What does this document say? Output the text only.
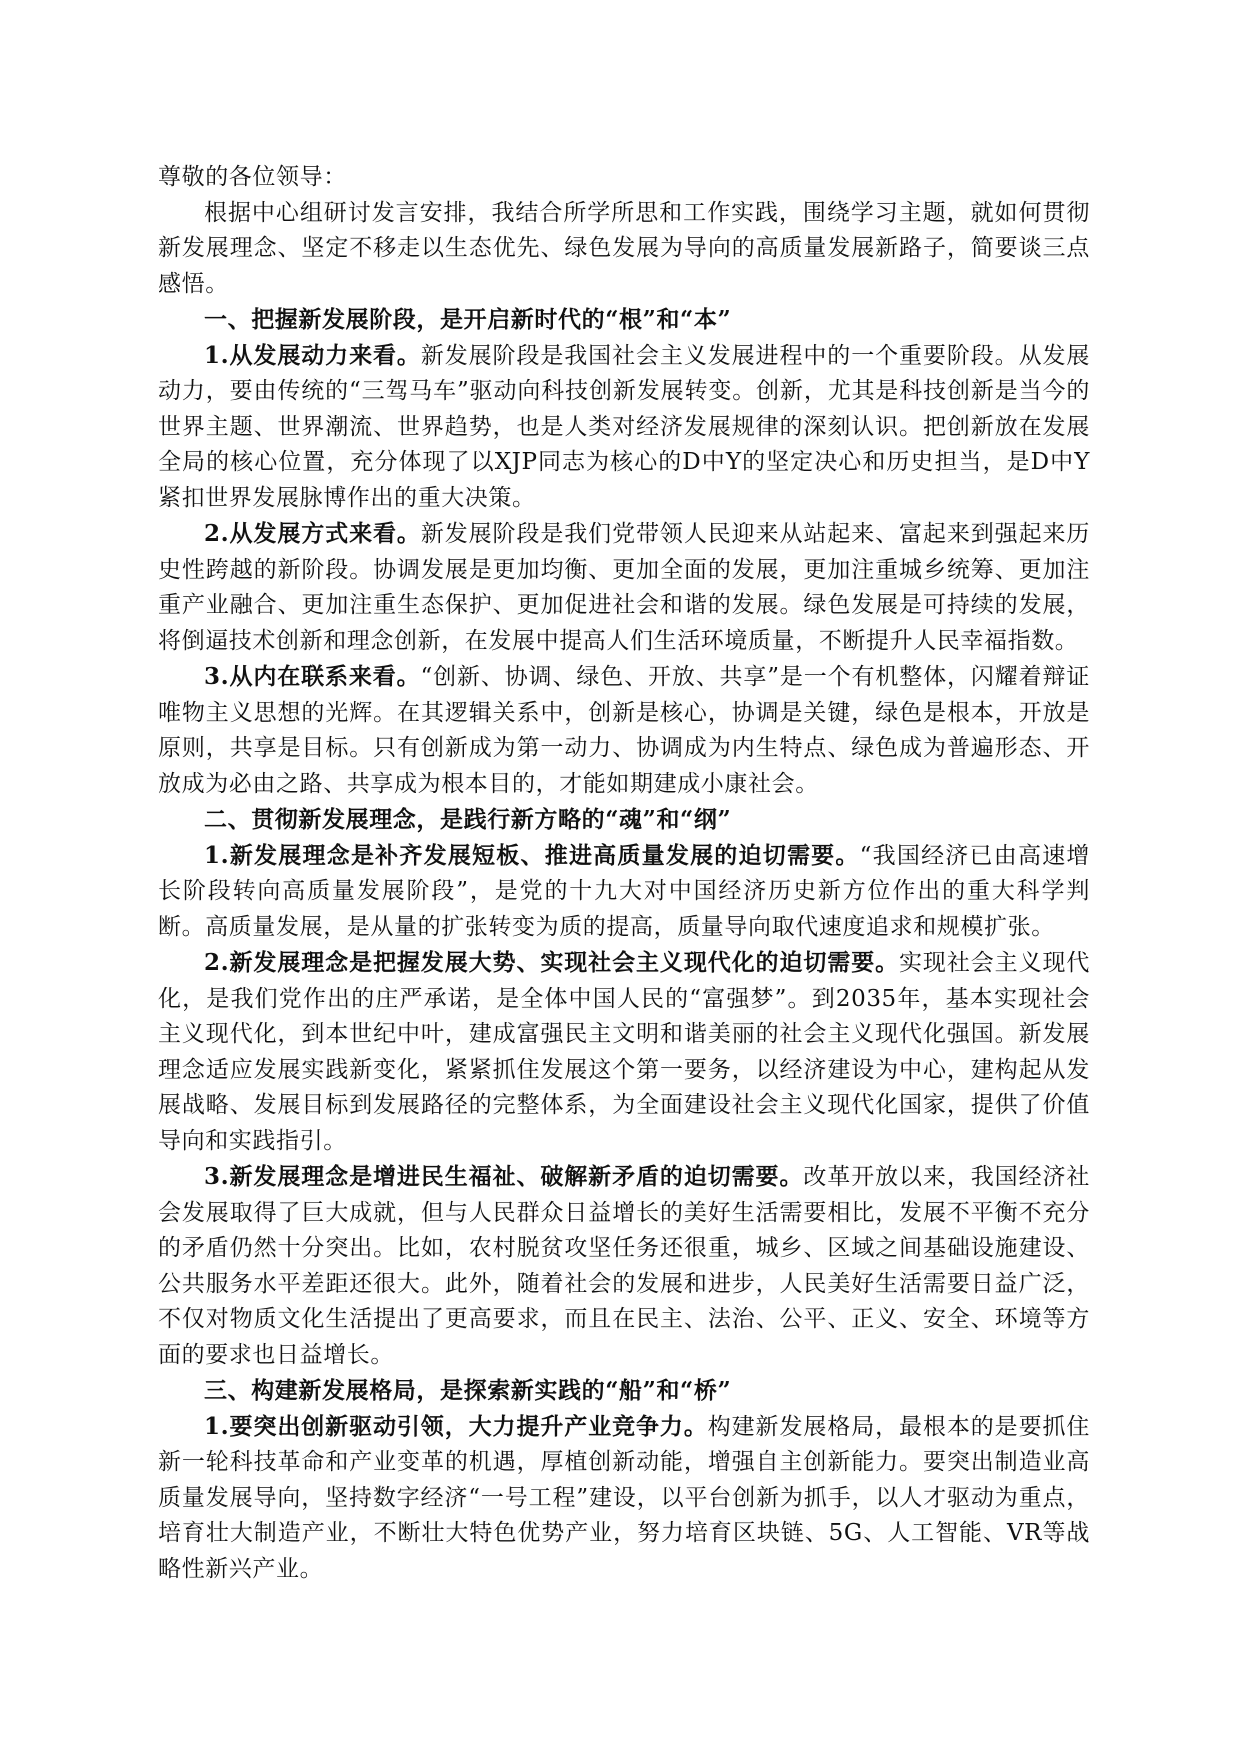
尊敬的各位领导：

根据中心组研讨发言安排，我结合所学所思和工作实践，围绕学习主题，就如何贯彻新发展理念、坚定不移走以生态优先、绿色发展为导向的高质量发展新路子，简要谈三点感悟。

一、把握新发展阶段，是开启新时代的“根”和“本”

1.从发展动力来看。新发展阶段是我国社会主义发展进程中的一个重要阶段。从发展动力，要由传统的“三驾马车”驱动向科技创新发展转变。创新，尤其是科技创新是当今的世界主题、世界潮流、世界趋势，也是人类对经济发展规律的深刻认识。把创新放在发展全局的核心位置，充分体现了以XJP同志为核心的D中Y的坚定决心和历史担当，是D中Y紧扣世界发展脉博作出的重大决策。

2.从发展方式来看。新发展阶段是我们党带领人民迎来从站起来、富起来到强起来历史性跨越的新阶段。协调发展是更加均衡、更加全面的发展，更加注重城乡统筹、更加注重产业融合、更加注重生态保护、更加促进社会和谐的发展。绿色发展是可持续的发展，将倒逼技术创新和理念创新，在发展中提高人们生活环境质量，不断提升人民幸福指数。

3.从内在联系来看。“创新、协调、绿色、开放、共享”是一个有机整体，闪耀着辩证唯物主义思想的光辉。在其逻辑关系中，创新是核心，协调是关键，绿色是根本，开放是原则，共享是目标。只有创新成为第一动力、协调成为内生特点、绿色成为普遍形态、开放成为必由之路、共享成为根本目的，才能如期建成小康社会。

二、贯彻新发展理念，是践行新方略的“魂”和“纲”

1.新发展理念是补齐发展短板、推进高质量发展的迫切需要。“我国经济已由高速增长阶段转向高质量发展阶段”，是党的十九大对中国经济历史新方位作出的重大科学判断。高质量发展，是从量的扩张转变为质的提高，质量导向取代速度追求和规模扩张。

2.新发展理念是把握发展大势、实现社会主义现代化的迫切需要。实现社会主义现代化，是我们党作出的庄严承诺，是全体中国人民的“富强梦”。到2035年，基本实现社会主义现代化，到本世纪中叶，建成富强民主文明和谐美丽的社会主义现代化强国。新发展理念适应发展实践新变化，紧紧抓住发展这个第一要务，以经济建设为中心，建构起从发展战略、发展目标到发展路径的完整体系，为全面建设社会主义现代化国家，提供了价值导向和实践指引。

3.新发展理念是增进民生福祉、破解新矛盾的迫切需要。改革开放以来，我国经济社会发展取得了巨大成就，但与人民群众日益增长的美好生活需要相比，发展不平衡不充分的矛盾仍然十分突出。比如，农村脱贫攻坚任务还很重，城乡、区域之间基础设施建设、公共服务水平差距还很大。此外，随着社会的发展和进步，人民美好生活需要日益广泛，不仅对物质文化生活提出了更高要求，而且在民主、法治、公平、正义、安全、环境等方面的要求也日益增长。

三、构建新发展格局，是探索新实践的“船”和“桥”

1.要突出创新驱动引领，大力提升产业竞争力。构建新发展格局，最根本的是要抓住新一轮科技革命和产业变革的机遇，厚植创新动能，增强自主创新能力。要突出制造业高质量发展导向，坚持数字经济“一号工程”建设，以平台创新为抓手，以人才驱动为重点，培育壮大制造产业，不断壮大特色优势产业，努力培育区块链、5G、人工智能、VR等战略性新兴产业。
